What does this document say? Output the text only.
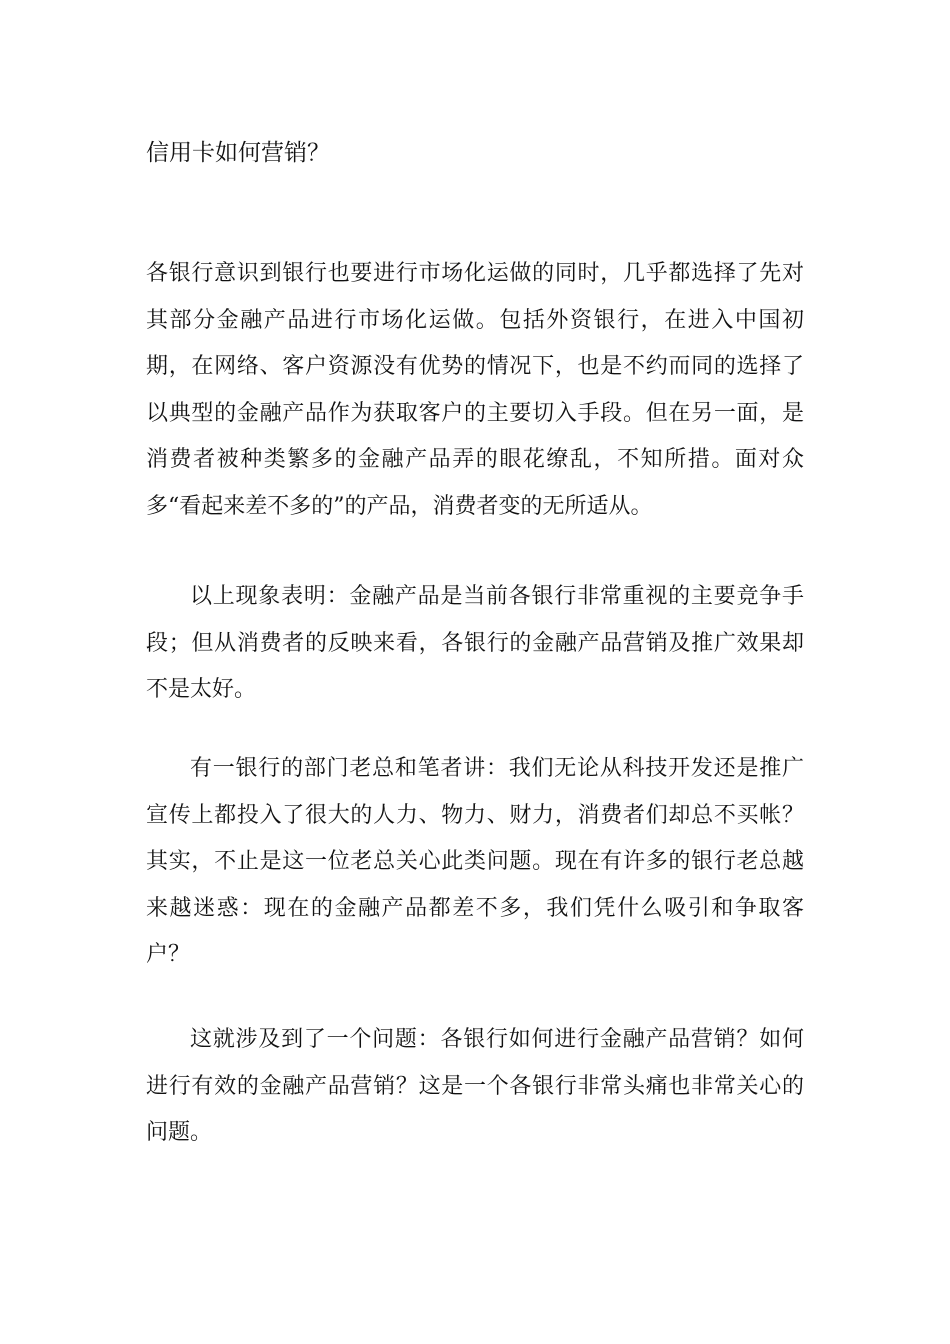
信用卡如何营销？

各银行意识到银行也要进行市场化运做的同时，几乎都选择了先对其部分金融产品进行市场化运做。包括外资银行，在进入中国初期，在网络、客户资源没有优势的情况下，也是不约而同的选择了以典型的金融产品作为获取客户的主要切入手段。但在另一面，是消费者被种类繁多的金融产品弄的眼花缭乱，不知所措。面对众多“看起来差不多的”的产品，消费者变的无所适从。

以上现象表明：金融产品是当前各银行非常重视的主要竞争手段；但从消费者的反映来看，各银行的金融产品营销及推广效果却不是太好。

有一银行的部门老总和笔者讲：我们无论从科技开发还是推广宣传上都投入了很大的人力、物力、财力，消费者们却总不买帐？其实，不止是这一位老总关心此类问题。现在有许多的银行老总越来越迷惑：现在的金融产品都差不多，我们凭什么吸引和争取客户？

这就涉及到了一个问题：各银行如何进行金融产品营销？如何进行有效的金融产品营销？这是一个各银行非常头痛也非常关心的问题。
